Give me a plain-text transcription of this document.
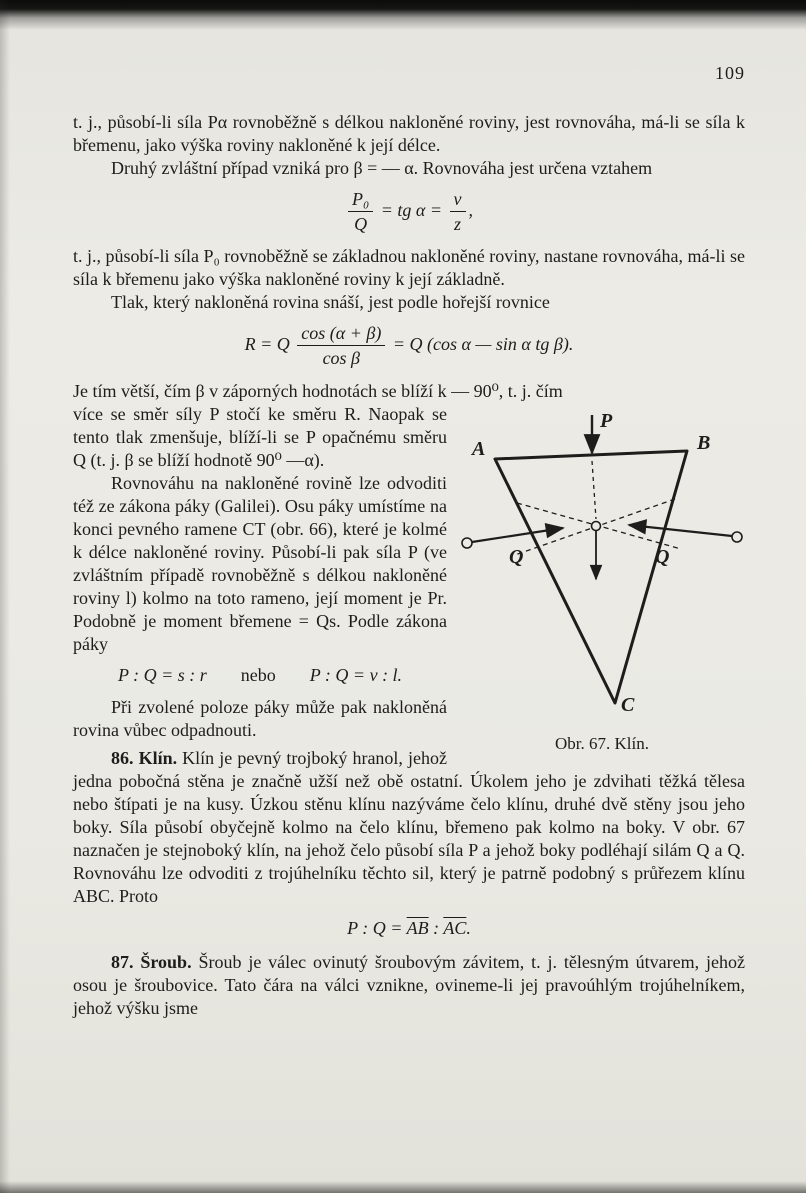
109

t. j., působí-li síla Pα rovnoběžně s délkou nakloněné roviny, jest rovnováha, má-li se síla k břemenu, jako výška roviny nakloněné k její délce.

Druhý zvláštní případ vzniká pro β = — α. Rovnováha jest určena vztahem

$\frac{\text{P₀}}{Q}$ = tg $\alpha = \frac{v}{z}$ ,

t. j., působí-li síla P₀ rovnoběžně se základnou nakloněné roviny, nastane rovnováha, má-li se síla k břemenu jako výška nakloněné roviny k její základně.

Tlak, který nakloněná rovina snáší, jest podle hořejší rovnice

R = Q $\frac{\cos (\alpha + \beta)}{\text{cos β}} = Q$ (cos α — sin α tg β).

Je tím větší, čím β v záporných hodnotách se blíží k — 90⁰, t. j. čím

P
A	B
C
Q	Q
Obr. 67. Klín.

více se směr síly P stočí ke směru R. Naopak se tento tlak zmenšuje, blíží-li se P opačnému směru Q (t. j. β se blíží hodnotě 90⁰ —α).

Rovnováhu na nakloněné rovině lze odvoditi též ze zákona páky (Galilei). Osu páky umístíme na konci pevného ramene CT (obr. 66), které je kolmé k délce nakloněné roviny. Působí-li pak síla P (ve zvláštním případě rovnoběžně s délkou nakloněné roviny l) kolmo na toto rameno, její moment je Pr. Podobně je moment břemene = Qs. Podle zákona páky

P : Q = s : r nebo P : Q = v : l.

Při zvolené poloze páky může pak nakloněná rovina vůbec odpadnouti.

86. Klín. Klín je pevný trojboký hranol, jehož jedna pobočná stěna je značně užší než obě ostatní. Úkolem jeho je zdvihati těžká tělesa nebo štípati je na kusy. Úzkou stěnu klínu nazýváme čelo klínu, druhé dvě stěny jsou jeho boky. Síla působí obyčejně kolmo na čelo klínu, břemeno pak kolmo na boky. V obr. 67 naznačen je stejnoboký klín, na jehož čelo působí síla P a jehož boky podléhají silám Q a Q. Rovnováhu lze odvoditi z trojúhelníku těchto sil, který je patrně podobný s průřezem klínu ABC. Proto

P : $Q = \overline{AB}$ : $\overline{AC}$.

87. Šroub. Šroub je válec ovinutý šroubovým závitem, t. j. tělesným útvarem, jehož osou je šroubovice. Tato čára na válci vznikne, ovineme-li jej pravoúhlým trojúhelníkem, jehož výšku jsme
